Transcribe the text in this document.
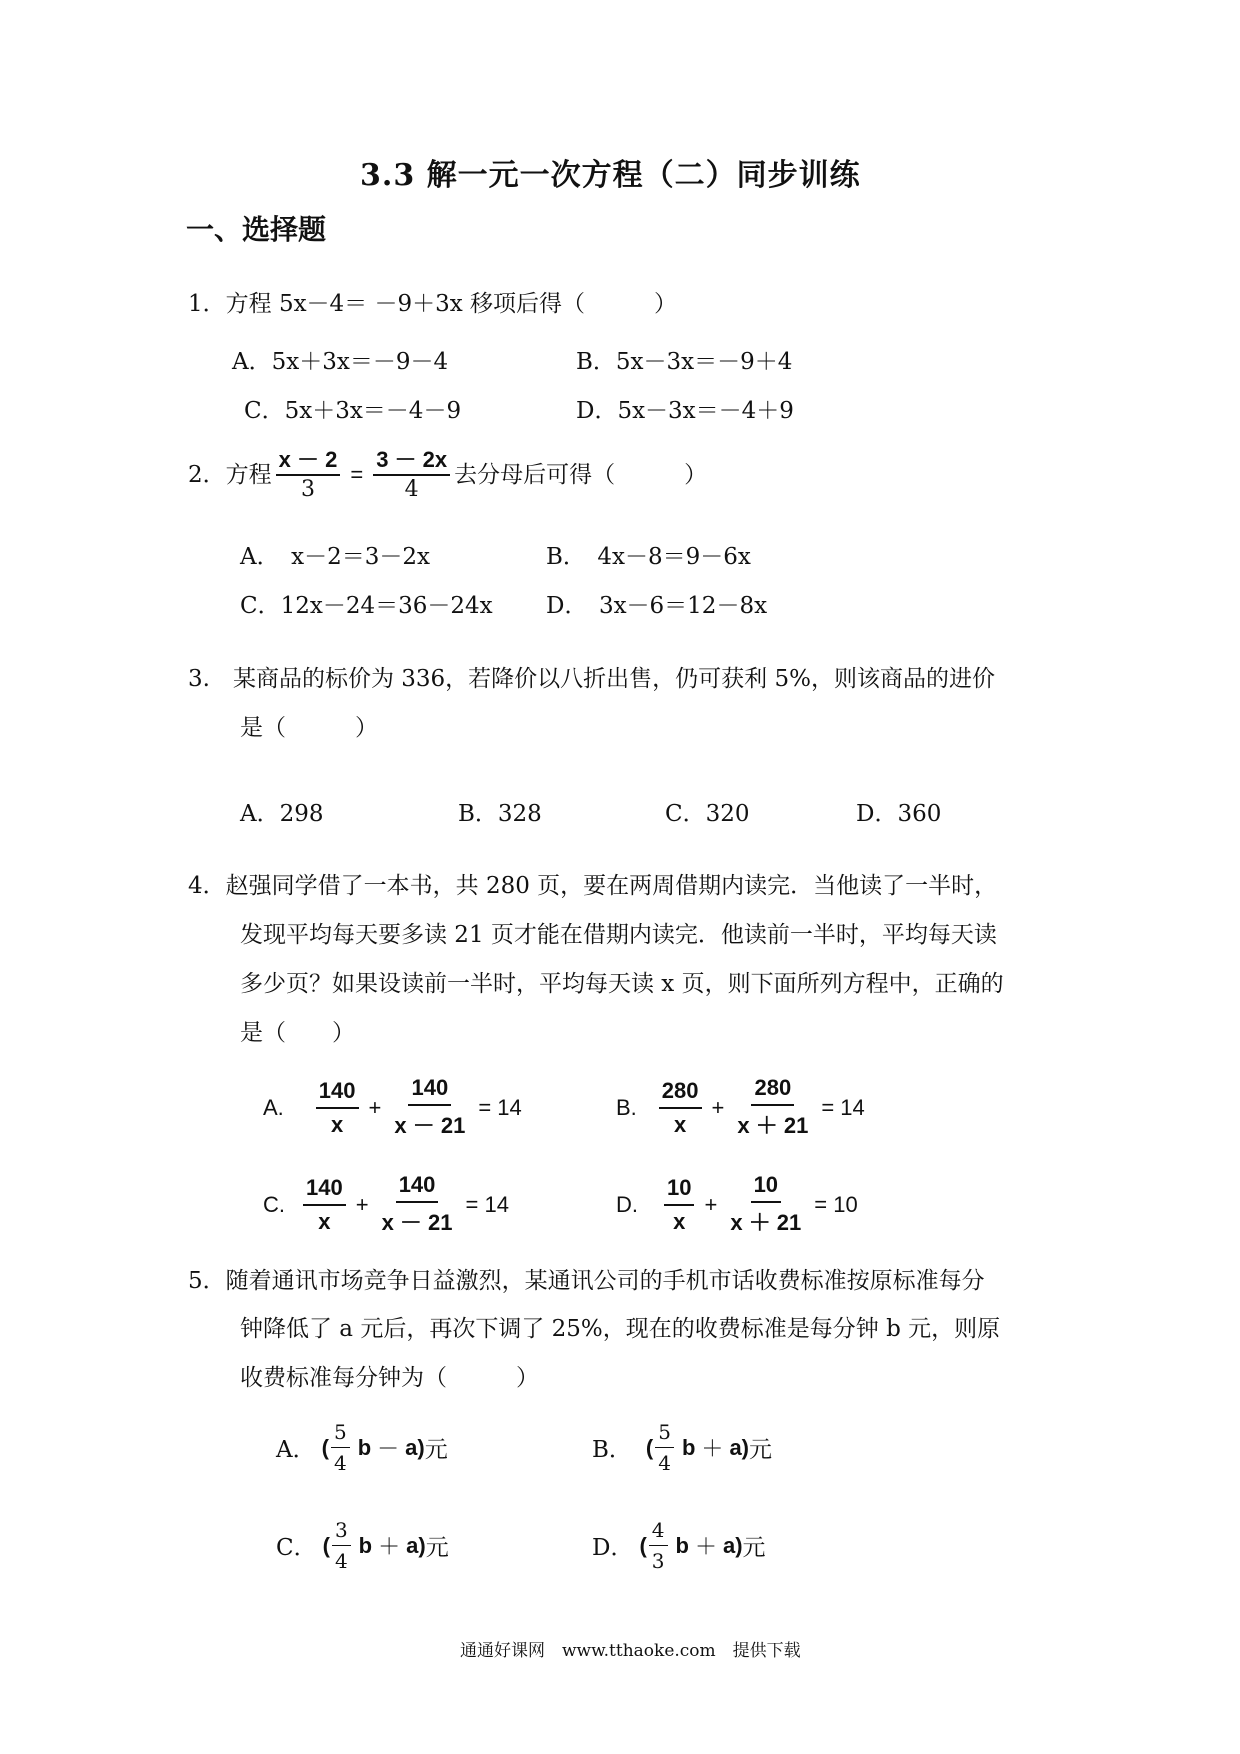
3.3 解一元一次方程（二）同步训练
一、选择题
1．方程 5x－4＝ －9＋3x 移项后得（　　　）
A．5x＋3x＝－9－4	B．5x－3x＝－9＋4
C．5x＋3x＝－4－9	D．5x－3x＝－4＋9
2．方程 $\frac{x - 2}{3} = \frac{3 - 2x}{4}$ 去分母后可得（　　　）
A．　x－2＝3－2x	B．　4x－8＝9－6x
C．12x－24＝36－24x D．　3x－6＝12－8x
3.　某商品的标价为 336，若降价以八折出售，仍可获利 5%，则该商品的进价
是（　　　）
A．298	B．328	C．320	D．360
4．赵强同学借了一本书，共 280 页，要在两周借期内读完．当他读了一半时，
发现平均每天要多读 21 页才能在借期内读完．他读前一半时，平均每天读
多少页？如果设读前一半时，平均每天读 x 页，则下面所列方程中，正确的
是（　　）
A. $\frac{140}{x} + \frac{140}{x - 21} = 14$	B. $\frac{280}{x} + \frac{280}{x + 21} = 14$
C. $\frac{140}{x} + \frac{140}{x - 21} = 14$	D. $\frac{10}{x} + \frac{10}{x + 21} = 10$
5．随着通讯市场竞争日益激烈，某通讯公司的手机市话收费标准按原标准每分
钟降低了 a 元后，再次下调了 25%，现在的收费标准是每分钟 b 元，则原
收费标准每分钟为（　　　）
A． ( $\frac{5}{4}$ b － a) 元	B． ( $\frac{5}{4}$ b ＋ a) 元
C． ( $\frac{3}{4}$ b ＋ a) 元	D． ( $\frac{4}{3}$ b ＋ a) 元
通通好课网　www.tthaoke.com　提供下载
